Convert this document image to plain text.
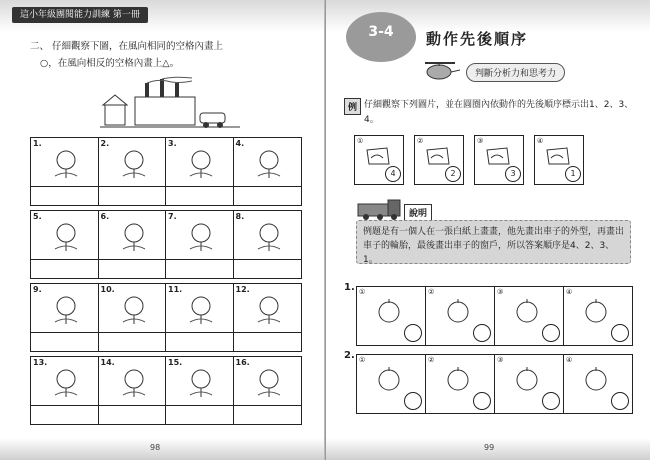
這小年級團閱能力訓練 第一冊
二、 仔細觀察下圖，在風向相同的空格內畫上
○，在風向相反的空格內畫上△。
1.	2.	3.	4.
5.	6.	7.	8.
9.	10.	11.	12.
13.	14.	15.	16.
98
3-4	動作先後順序
判斷分析力和思考力
例 仔細觀察下列圖片，並在圓圈內依動作的先後順序標示出1、2、3、4。
①
4
②
2
③
3
④
1
說明
例題是有一個人在一張白紙上畫畫，他先畫出車子的外型，再畫出車子的輪胎，最後畫出車子的窗戶，所以答案順序是4、2、3、1。
1. ①	②	③	④
2. ①	②	③	④
99
